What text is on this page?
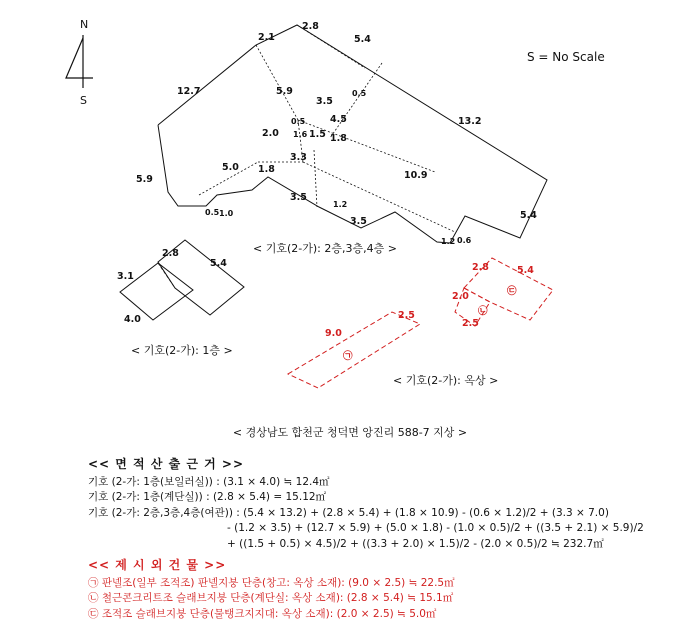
N
S
S = No Scale
2.1
2.8
5.4
12.7
13.2
5.9
5.9
3.5
0.5
0.5
2.0 1.6 1.5
4.5
1.8
3.3
1.8
5.0
10.9
3.5
1.2
3.5
5.4
0.5 1.0
1.2 0.6
< 기호(2-가): 2층,3층,4층 >
3.1
2.8
5.4
4.0
< 기호(2-가): 1층 >
2.8	5.4
2.0
2.5
9.0
2.5
㉠
㉡
㉢
< 기호(2-가): 옥상 >
< 경상남도 합천군 청덕면 앙진리 588-7 지상 >
<< 면 적 산 출 근 거 >>
기호 (2-가: 1층(보일러실)) : (3.1 × 4.0) ≒ 12.4㎡
기호 (2-가: 1층(계단실)) : (2.8 × 5.4) = 15.12㎡
기호 (2-가: 2층,3층,4층(여관)) : (5.4 × 13.2) + (2.8 × 5.4) + (1.8 × 10.9) - (0.6 × 1.2)/2 + (3.3 × 7.0)
- (1.2 × 3.5) + (12.7 × 5.9) + (5.0 × 1.8) - (1.0 × 0.5)/2 + ((3.5 + 2.1) × 5.9)/2
+ ((1.5 + 0.5) × 4.5)/2 + ((3.3 + 2.0) × 1.5)/2 - (2.0 × 0.5)/2 ≒ 232.7㎡
<< 제 시 외 건 물 >>
㉠ 판넬조(일부 조적조) 판넬지붕 단층(창고: 옥상 소재): (9.0 × 2.5) ≒ 22.5㎡
㉡ 철근콘크리트조 슬래브지붕 단층(계단실: 옥상 소재): (2.8 × 5.4) ≒ 15.1㎡
㉢ 조적조 슬래브지붕 단층(물탱크지지대: 옥상 소재): (2.0 × 2.5) ≒ 5.0㎡
